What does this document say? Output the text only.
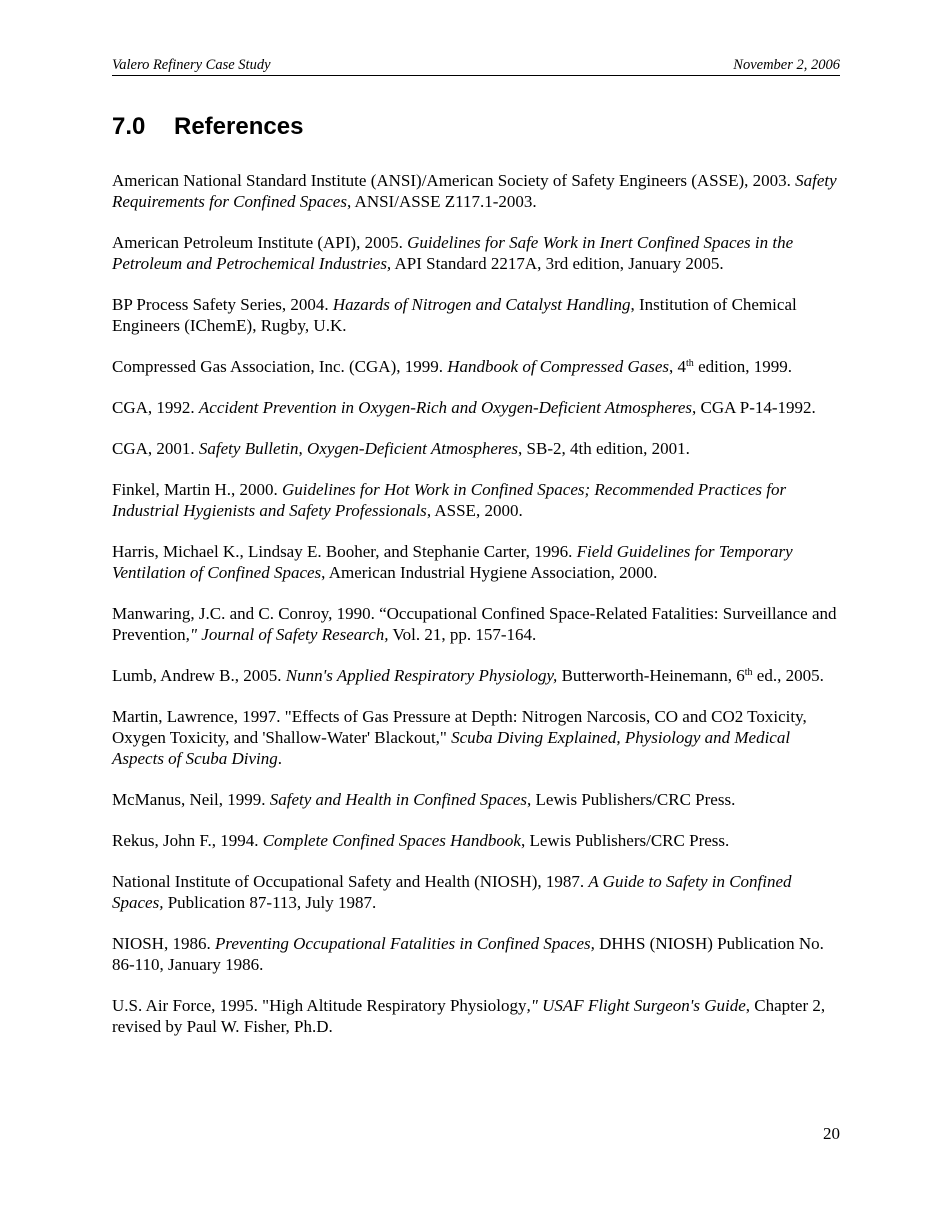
Valero Refinery Case Study	November 2, 2006
7.0 References
American National Standard Institute (ANSI)/American Society of Safety Engineers (ASSE), 2003. Safety Requirements for Confined Spaces, ANSI/ASSE Z117.1-2003.
American Petroleum Institute (API), 2005. Guidelines for Safe Work in Inert Confined Spaces in the Petroleum and Petrochemical Industries, API Standard 2217A, 3rd edition, January 2005.
BP Process Safety Series, 2004. Hazards of Nitrogen and Catalyst Handling, Institution of Chemical Engineers (IChemE), Rugby, U.K.
Compressed Gas Association, Inc. (CGA), 1999. Handbook of Compressed Gases, 4th edition, 1999.
CGA, 1992. Accident Prevention in Oxygen-Rich and Oxygen-Deficient Atmospheres, CGA P-14-1992.
CGA, 2001. Safety Bulletin, Oxygen-Deficient Atmospheres, SB-2, 4th edition, 2001.
Finkel, Martin H., 2000. Guidelines for Hot Work in Confined Spaces; Recommended Practices for Industrial Hygienists and Safety Professionals, ASSE, 2000.
Harris, Michael K., Lindsay E. Booher, and Stephanie Carter, 1996. Field Guidelines for Temporary Ventilation of Confined Spaces, American Industrial Hygiene Association, 2000.
Manwaring, J.C. and C. Conroy, 1990. “Occupational Confined Space-Related Fatalities: Surveillance and Prevention," Journal of Safety Research, Vol. 21, pp. 157-164.
Lumb, Andrew B., 2005. Nunn's Applied Respiratory Physiology, Butterworth-Heinemann, 6th ed., 2005.
Martin, Lawrence, 1997. "Effects of Gas Pressure at Depth: Nitrogen Narcosis, CO and CO2 Toxicity, Oxygen Toxicity, and 'Shallow-Water' Blackout," Scuba Diving Explained, Physiology and Medical Aspects of Scuba Diving.
McManus, Neil, 1999. Safety and Health in Confined Spaces, Lewis Publishers/CRC Press.
Rekus, John F., 1994. Complete Confined Spaces Handbook, Lewis Publishers/CRC Press.
National Institute of Occupational Safety and Health (NIOSH), 1987. A Guide to Safety in Confined Spaces, Publication 87-113, July 1987.
NIOSH, 1986. Preventing Occupational Fatalities in Confined Spaces, DHHS (NIOSH) Publication No. 86-110, January 1986.
U.S. Air Force, 1995. "High Altitude Respiratory Physiology," USAF Flight Surgeon's Guide, Chapter 2, revised by Paul W. Fisher, Ph.D.
20
